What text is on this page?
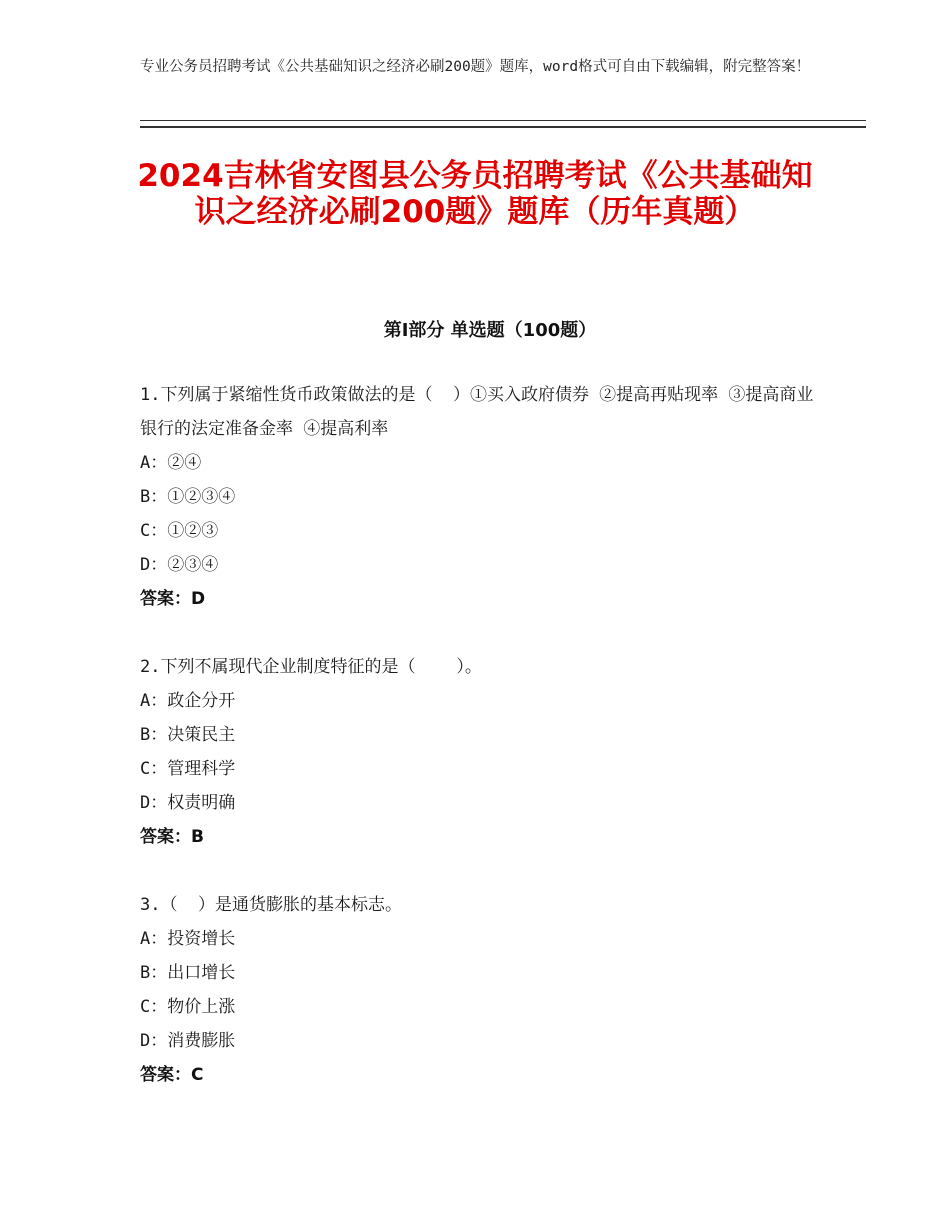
专业公务员招聘考试《公共基础知识之经济必刷200题》题库，word格式可自由下载编辑，附完整答案！
2024吉林省安图县公务员招聘考试《公共基础知识之经济必刷200题》题库（历年真题）
第Ⅰ部分 单选题（100题）
1.下列属于紧缩性货币政策做法的是（  ）①买入政府债券 ②提高再贴现率 ③提高商业银行的法定准备金率 ④提高利率
A：②④
B：①②③④
C：①②③
D：②③④
答案：D
2.下列不属现代企业制度特征的是（    ）。
A：政企分开
B：决策民主
C：管理科学
D：权责明确
答案：B
3.（  ）是通货膨胀的基本标志。
A：投资增长
B：出口增长
C：物价上涨
D：消费膨胀
答案：C
